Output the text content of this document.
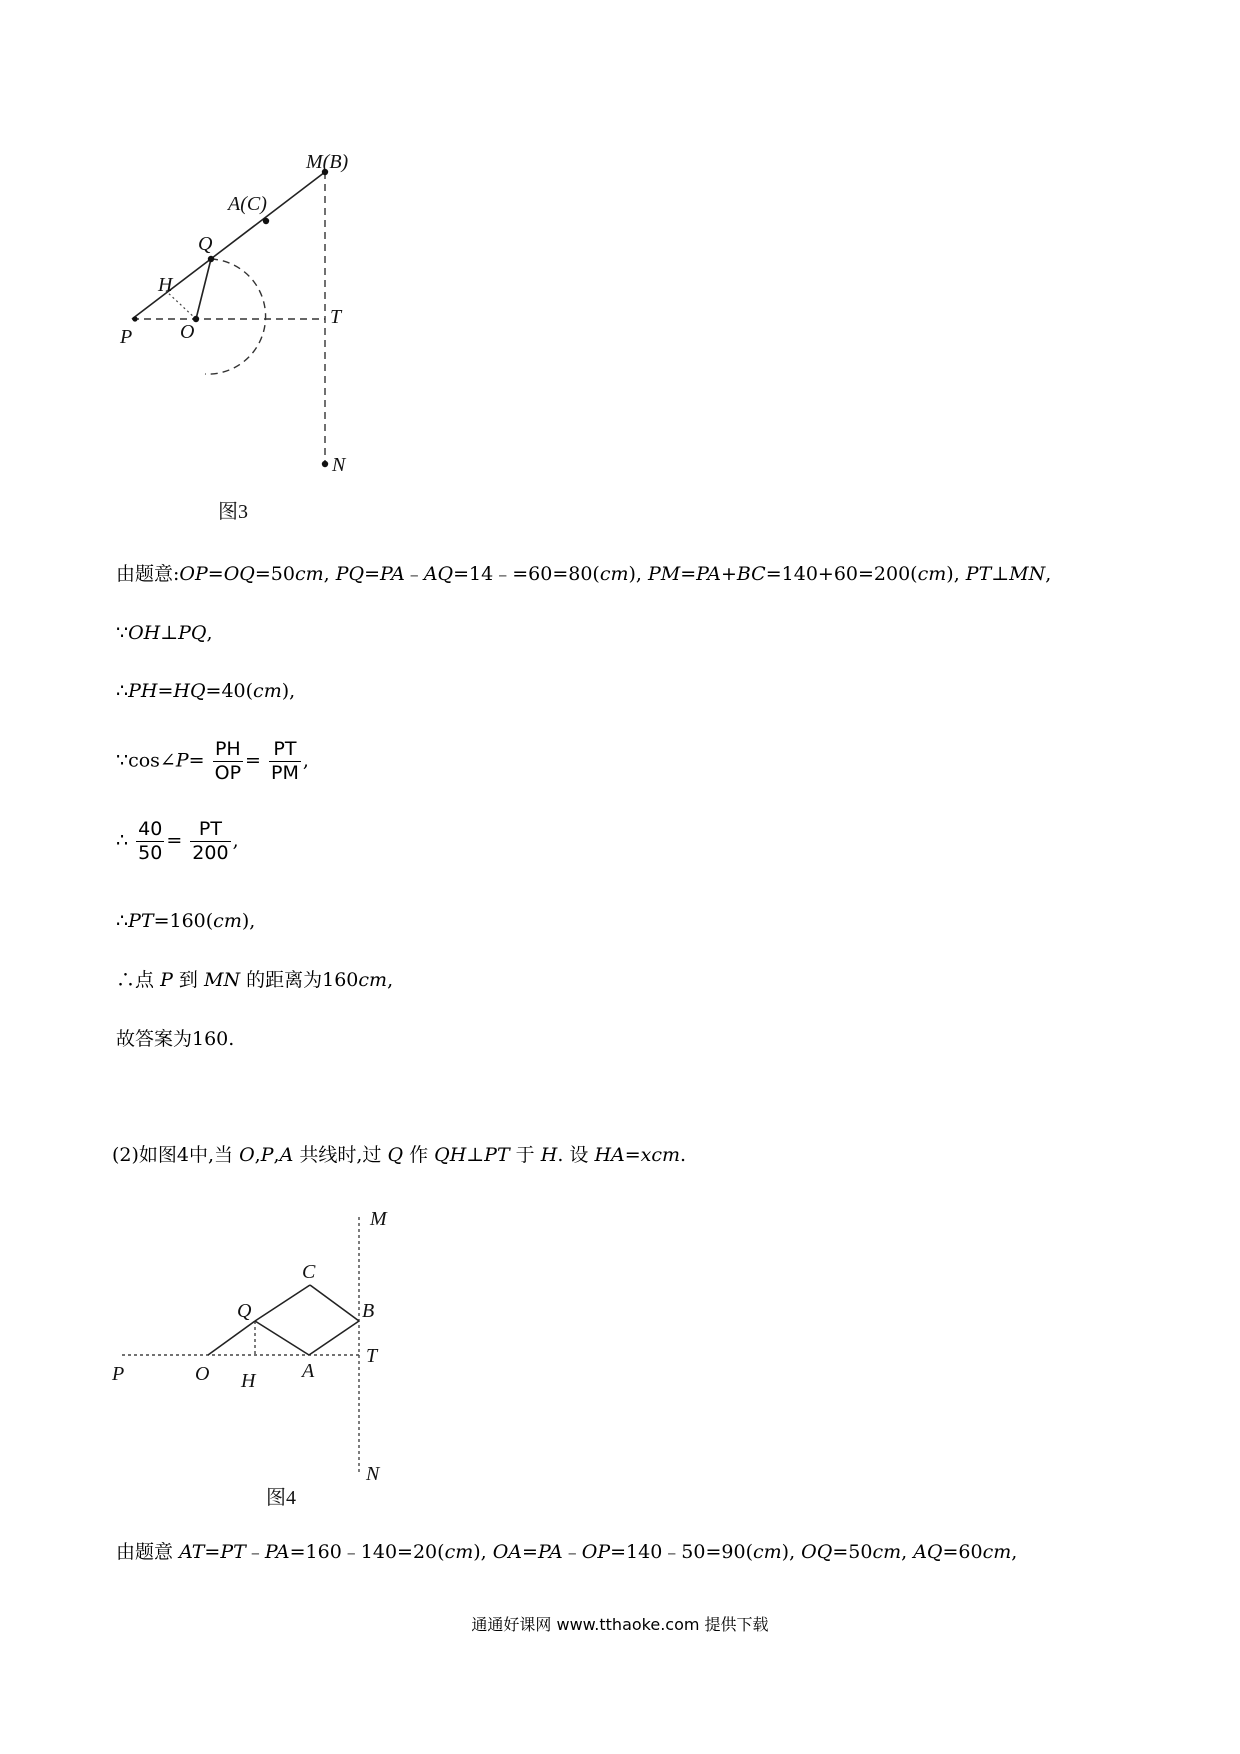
M(B)
A(C)
Q
H
P O
T
N
图3
M
C
Q	B
P	O H A
T
N
图4
由题意:OP=OQ=50cm, PQ=PA﹣AQ=14﹣=60=80(cm), PM=PA+BC=140+60=200(cm), PT⊥MN,
∵OH⊥PQ,
∴PH=HQ=40(cm),
∵cos∠P= $\frac{PH}{OP} = \frac{PT}{PM}$ ,
∴ $\frac{40}{50} = \frac{PT}{200}$ ,
∴PT=160(cm),
∴点 P 到 MN 的距离为160cm,
故答案为160.
(2)如图4中,当 O,P,A 共线时,过 Q 作 QH⊥PT 于 H. 设 HA=xcm.
由题意 AT=PT﹣PA=160﹣140=20(cm), OA=PA﹣OP=140﹣50=90(cm), OQ=50cm, AQ=60cm,
通通好课网 www.tthaoke.com 提供下载
